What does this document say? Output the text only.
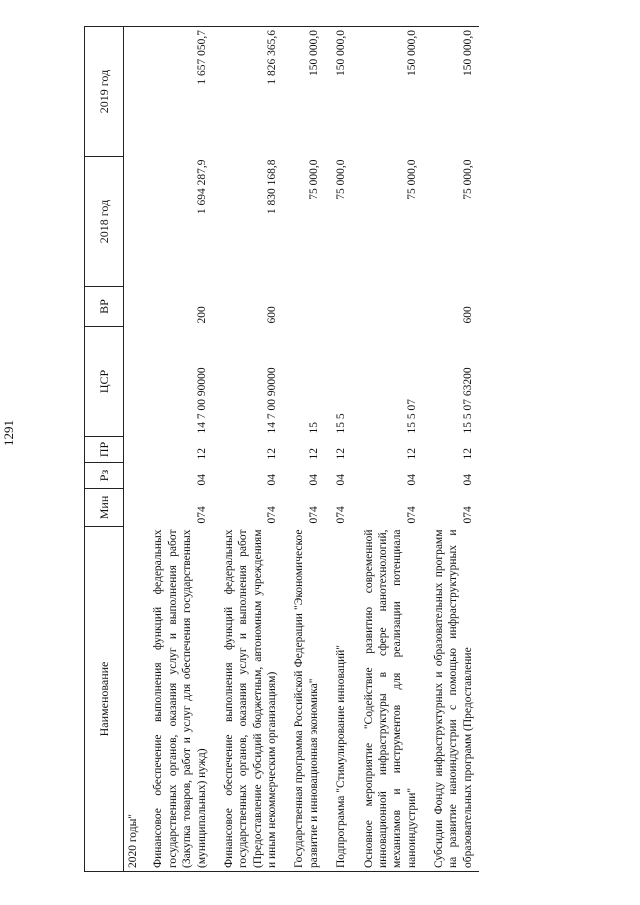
1291
Наименование	Мин	Рз	ПР	ЦСР	ВР	2018 год	2019 год
2020 годы"							
Финансовое обеспечение выполнения функций федеральных государственных органов, оказания услуг и выполнения работ (Закупка товаров, работ и услуг для обеспечения государственных (муниципальных) нужд)	074	04	12	14 7 00 90000	200	1 694 287,9	1 657 050,7
Финансовое обеспечение выполнения функций федеральных государственных органов, оказания услуг и выполнения работ (Предоставление субсидий бюджетным, автономным учреждениям и иным некоммерческим организациям)	074	04	12	14 7 00 90000	600	1 830 168,8	1 826 365,6
Государственная программа Российской Федерации "Экономическое развитие и инновационная экономика"	074	04	12	15		75 000,0	150 000,0
Подпрограмма "Стимулирование инноваций"	074	04	12	15 5		75 000,0	150 000,0
Основное мероприятие "Содействие развитию современной инновационной инфраструктуры в сфере нанотехнологий, механизмов и инструментов для реализации потенциала наноиндустрии"	074	04	12	15 5 07		75 000,0	150 000,0
Субсидии Фонду инфраструктурных и образовательных программ на развитие наноиндустрии с помощью инфраструктурных и образовательных программ (Предоставление	074	04	12	15 5 07 63200	600	75 000,0	150 000,0
